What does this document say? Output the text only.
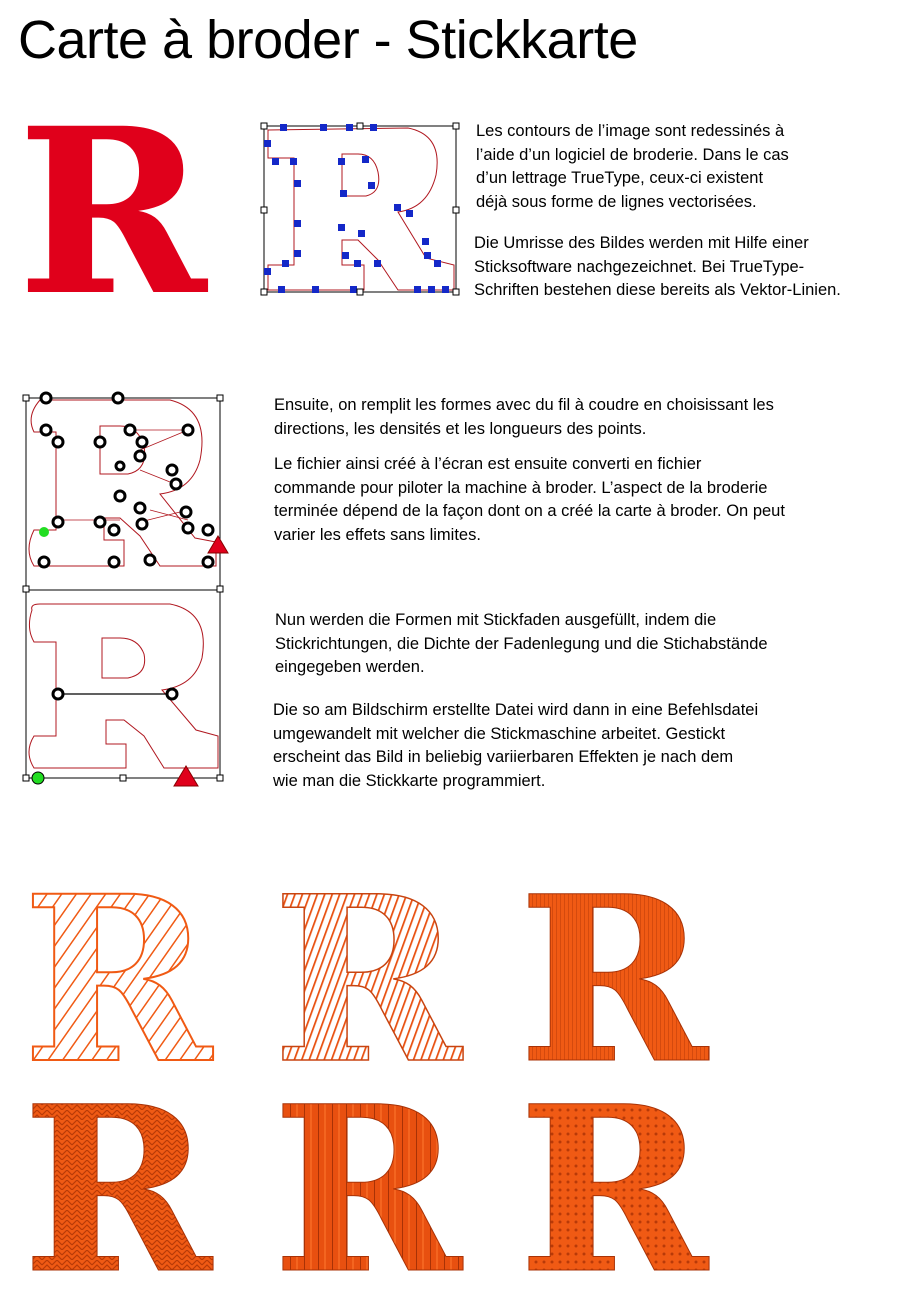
Carte à broder - Stickkarte
R	Les contours de l’image sont redessinés à
l’aide d’un logiciel de broderie. Dans le cas
d’un lettrage TrueType, ceux-ci existent
déjà sous forme de lignes vectorisées.
Die Umrisse des Bildes werden mit Hilfe einer
Sticksoftware nachgezeichnet. Bei TrueType-
Schriften bestehen diese bereits als Vektor-Linien.
Ensuite, on remplit les formes avec du fil à coudre en choisissant les
directions, les densités et les longueurs des points.
Le fichier ainsi créé à l’écran est ensuite converti en fichier
commande pour piloter la machine à broder. L’aspect de la broderie
terminée dépend de la façon dont on a créé la carte à broder. On peut
varier les effets sans limites.
Nun werden die Formen mit Stickfaden ausgefüllt, indem die
Stickrichtungen, die Dichte der Fadenlegung und die Stichabstände
eingegeben werden.
Die so am Bildschirm erstellte Datei wird dann in eine Befehlsdatei
umgewandelt mit welcher die Stickmaschine arbeitet. Gestickt
erscheint das Bild in beliebig variierbaren Effekten je nach dem
wie man die Stickkarte programmiert.
R R R
R R R
